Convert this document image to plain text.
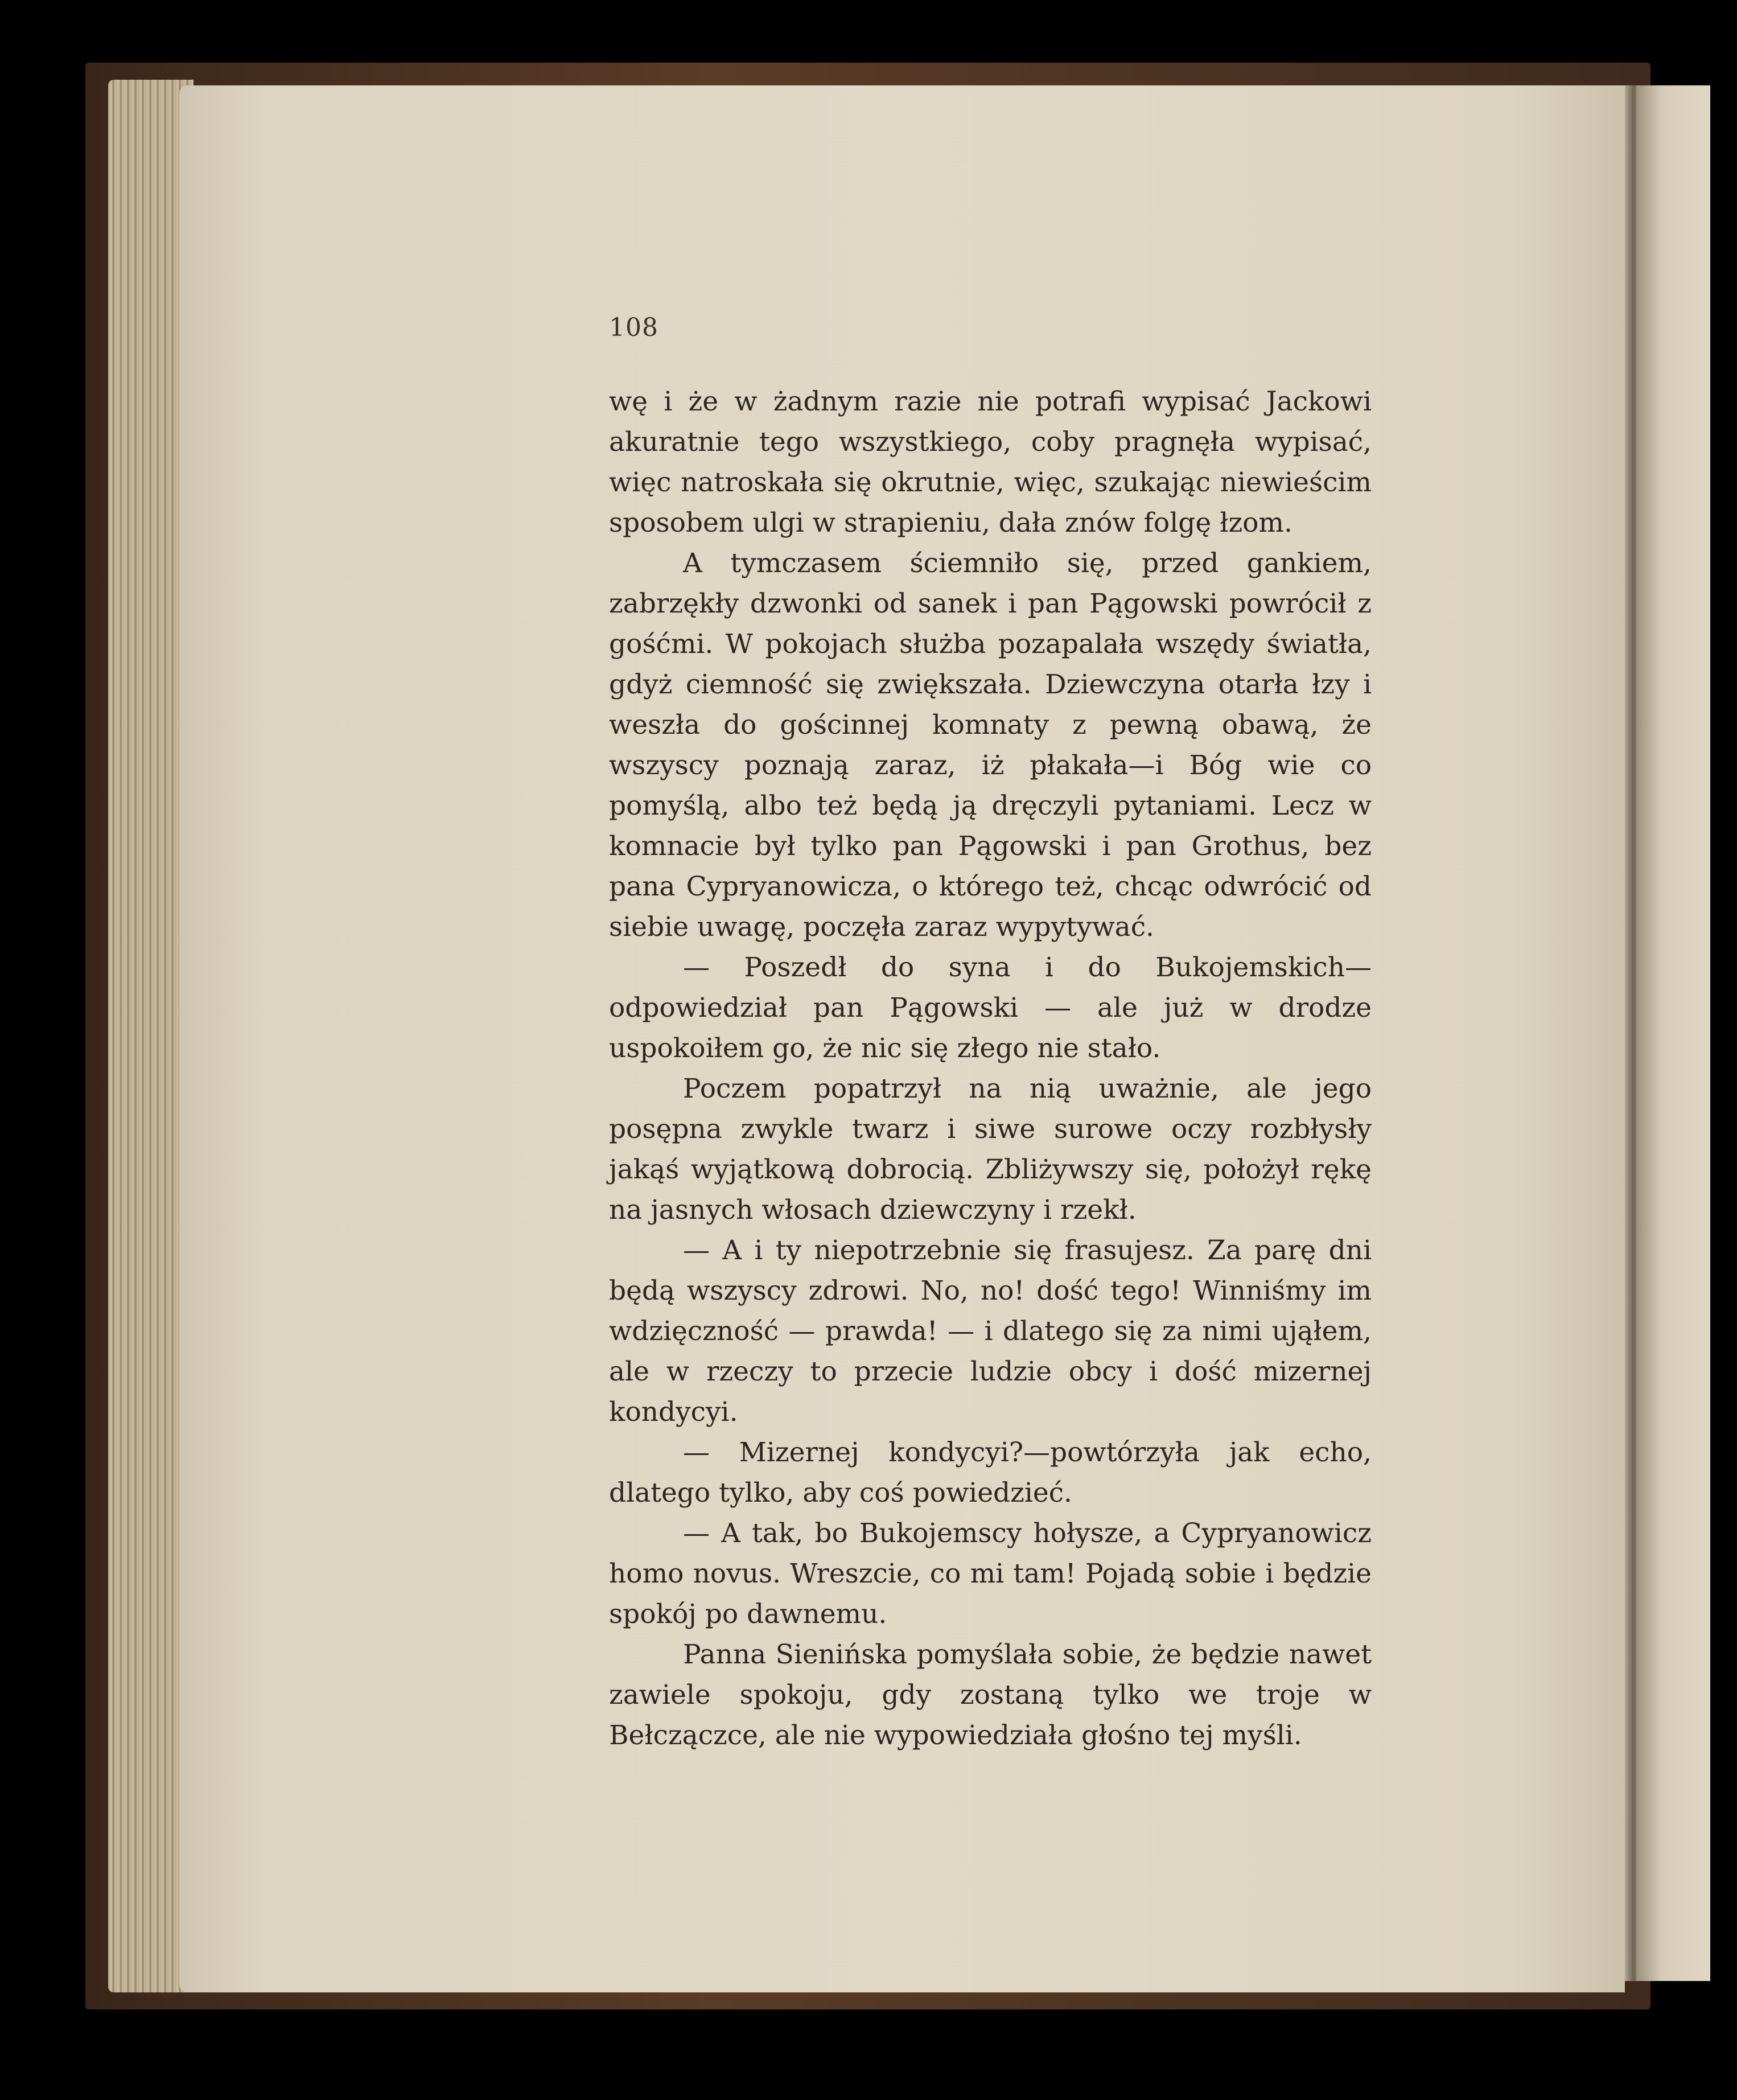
108

wę i że w żadnym razie nie potrafi wypisać Jackowi akuratnie tego wszystkiego, coby pragnęła wypisać, więc natroskała się okrutnie, więc, szukając niewieścim sposobem ulgi w strapieniu, dała znów folgę łzom.

A tymczasem ściemniło się, przed gankiem, zabrzękły dzwonki od sanek i pan Pągowski powrócił z gośćmi. W pokojach służba pozapalała wszędy światła, gdyż ciemność się zwiększała. Dziewczyna otarła łzy i weszła do gościnnej komnaty z pewną obawą, że wszyscy poznają zaraz, iż płakała—i Bóg wie co pomyślą, albo też będą ją dręczyli pytaniami. Lecz w komnacie był tylko pan Pągowski i pan Grothus, bez pana Cypryanowicza, o którego też, chcąc odwrócić od siebie uwagę, poczęła zaraz wypytywać.

— Poszedł do syna i do Bukojemskich—odpowiedział pan Pągowski — ale już w drodze uspokoiłem go, że nic się złego nie stało.

Poczem popatrzył na nią uważnie, ale jego posępna zwykle twarz i siwe surowe oczy rozbłysły jakąś wyjątkową dobrocią. Zbliżywszy się, położył rękę na jasnych włosach dziewczyny i rzekł.

— A i ty niepotrzebnie się frasujesz. Za parę dni będą wszyscy zdrowi. No, no! dość tego! Winniśmy im wdzięczność — prawda! — i dlatego się za nimi ująłem, ale w rzeczy to przecie ludzie obcy i dość mizernej kondycyi.

— Mizernej kondycyi?—powtórzyła jak echo, dlatego tylko, aby coś powiedzieć.

— A tak, bo Bukojemscy hołysze, a Cypryanowicz homo novus. Wreszcie, co mi tam! Pojadą sobie i będzie spokój po dawnemu.

Panna Sienińska pomyślała sobie, że będzie nawet zawiele spokoju, gdy zostaną tylko we troje w Bełczączce, ale nie wypowiedziała głośno tej myśli.
